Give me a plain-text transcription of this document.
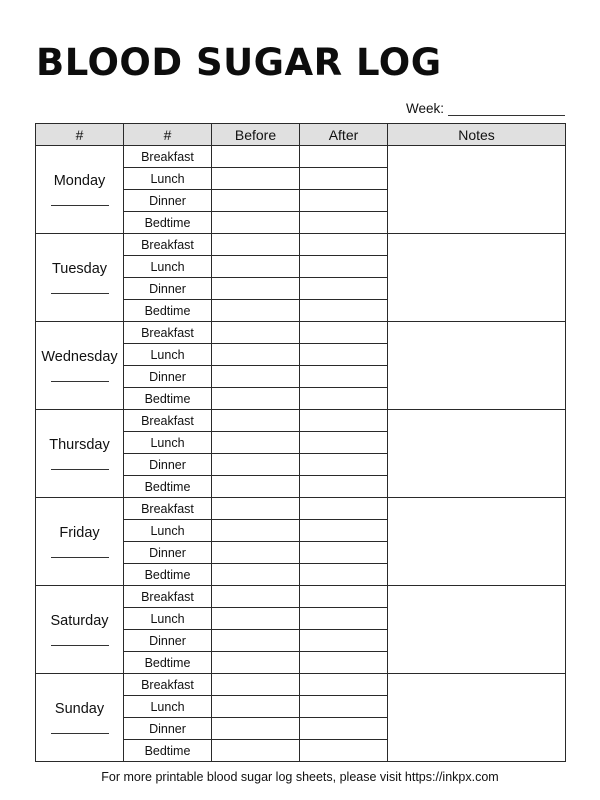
BLOOD SUGAR LOG
Week:
#	#	Before	After	Notes

Monday	Breakfast			
	Lunch			
	Dinner			
	Bedtime			

Tuesday	Breakfast			
	Lunch			
	Dinner			
	Bedtime			

Wednesday	Breakfast			
	Lunch			
	Dinner			
	Bedtime			

Thursday	Breakfast			
	Lunch			
	Dinner			
	Bedtime			

Friday	Breakfast			
	Lunch			
	Dinner			
	Bedtime			

Saturday	Breakfast			
	Lunch			
	Dinner			
	Bedtime			

Sunday	Breakfast			
	Lunch			
	Dinner			
	Bedtime			
For more printable blood sugar log sheets, please visit https://inkpx.com
